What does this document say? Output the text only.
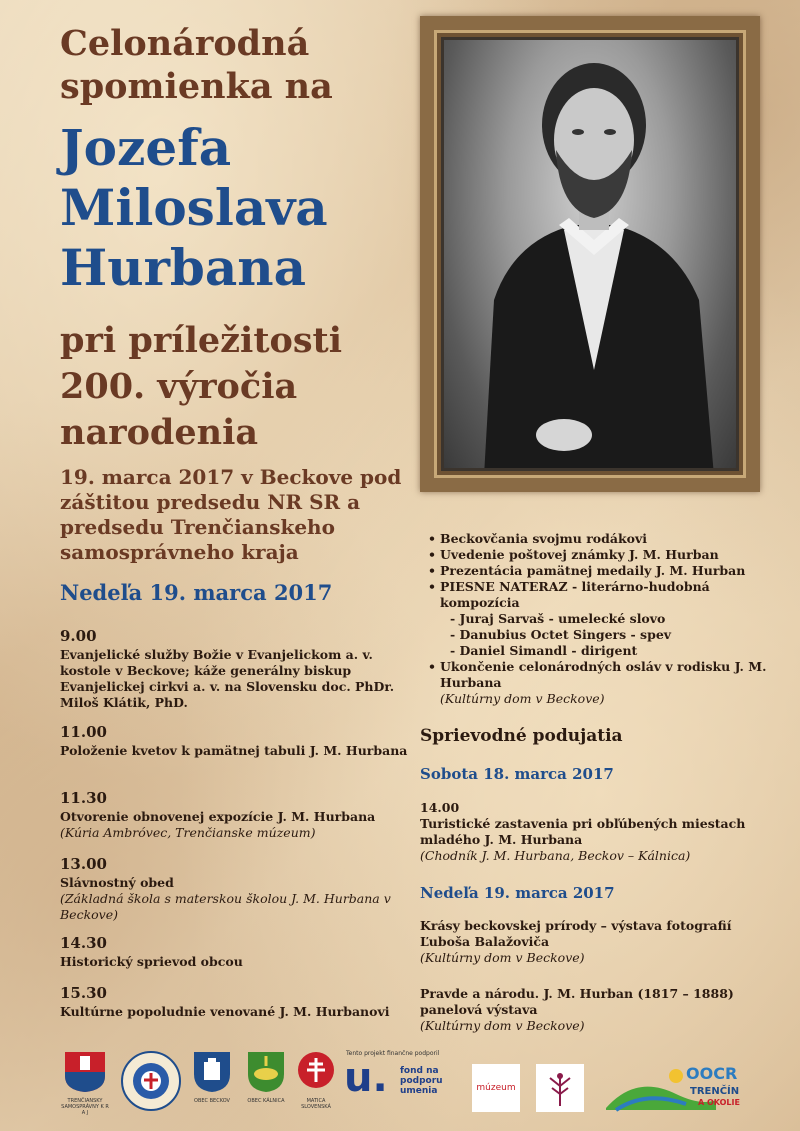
Celonárodná spomienka na
Jozefa Miloslava Hurbana
pri príležitosti 200. výročia narodenia
19. marca 2017 v Beckove pod záštitou predsedu NR SR a predsedu Trenčianskeho samosprávneho kraja
Nedeľa 19. marca 2017
9.00
Evanjelické služby Božie v Evanjelickom a. v. kostole v Beckove; káže generálny biskup Evanjelickej cirkvi a. v. na Slovensku doc. PhDr. Miloš Klátik, PhD.
11.00
Položenie kvetov k pamätnej tabuli J. M. Hurbana
11.30
Otvorenie obnovenej expozície J. M. Hurbana
(Kúria Ambróvec, Trenčianske múzeum)
13.00
Slávnostný obed
(Základná škola s materskou školou J. M. Hurbana v Beckove)
14.30
Historický sprievod obcou
15.30
Kultúrne popoludnie venované J. M. Hurbanovi
• Beckovčania svojmu rodákovi
• Uvedenie poštovej známky J. M. Hurban
• Prezentácia pamätnej medaily J. M. Hurban
• PIESNE NATERAZ - literárno-hudobná kompozícia
- Juraj Sarvaš - umelecké slovo
- Danubius Octet Singers - spev
- Daniel Simandl - dirigent
• Ukončenie celonárodných osláv v rodisku J. M. Hurbana
(Kultúrny dom v Beckove)
Sprievodné podujatia
Sobota 18. marca 2017
14.00
Turistické zastavenia pri obľúbených miestach mladého J. M. Hurbana
(Chodník J. M. Hurbana, Beckov – Kálnica)
Nedeľa 19. marca 2017
Krásy beckovskej prírody – výstava fotografií Ľuboša Balažoviča
(Kultúrny dom v Beckove)
Pravde a národu. J. M. Hurban (1817 – 1888) panelová výstava
(Kultúrny dom v Beckove)
TRENČIANSKY SAMOSPRÁVNY K R A J
OBEC BECKOV	OBEC KÁLNICA	MATICA SLOVENSKÁ
Tento projekt finančne podporil
u. fond na podporu umenia	múzeum
OOCR
TRENČÍN
A OKOLIE
